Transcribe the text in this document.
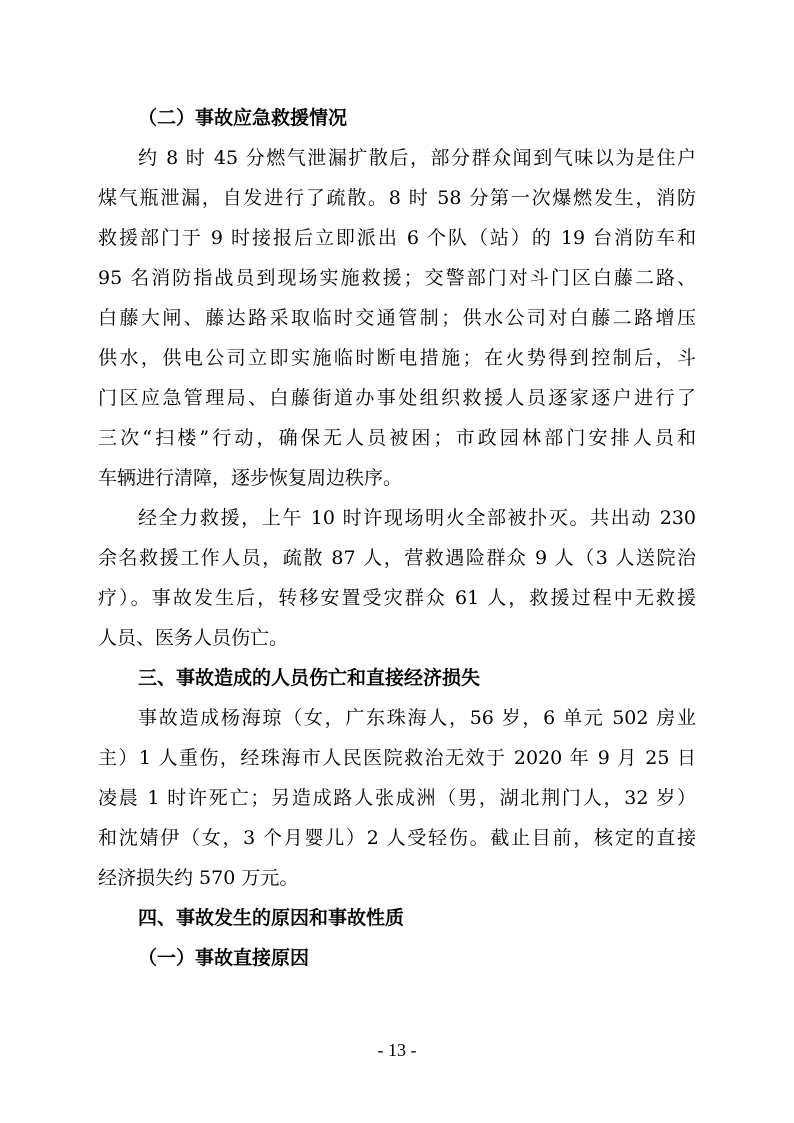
（二）事故应急救援情况
约 8 时 45 分燃气泄漏扩散后，部分群众闻到气味以为是住户
煤气瓶泄漏，自发进行了疏散。8 时 58 分第一次爆燃发生，消防
救援部门于 9 时接报后立即派出 6 个队（站）的 19 台消防车和
95 名消防指战员到现场实施救援；交警部门对斗门区白藤二路、
白藤大闸、藤达路采取临时交通管制；供水公司对白藤二路增压
供水，供电公司立即实施临时断电措施；在火势得到控制后，斗
门区应急管理局、白藤街道办事处组织救援人员逐家逐户进行了
三次“扫楼”行动，确保无人员被困；市政园林部门安排人员和
车辆进行清障，逐步恢复周边秩序。
经全力救援，上午 10 时许现场明火全部被扑灭。共出动 230
余名救援工作人员，疏散 87 人，营救遇险群众 9 人（3 人送院治
疗）。事故发生后，转移安置受灾群众 61 人，救援过程中无救援
人员、医务人员伤亡。
三、事故造成的人员伤亡和直接经济损失
事故造成杨海琼（女，广东珠海人，56 岁，6 单元 502 房业
主）1 人重伤，经珠海市人民医院救治无效于 2020 年 9 月 25 日
凌晨 1 时许死亡；另造成路人张成洲（男，湖北荆门人，32 岁）
和沈婧伊（女，3 个月婴儿）2 人受轻伤。截止目前，核定的直接
经济损失约 570 万元。
四、事故发生的原因和事故性质
（一）事故直接原因
- 13 -
